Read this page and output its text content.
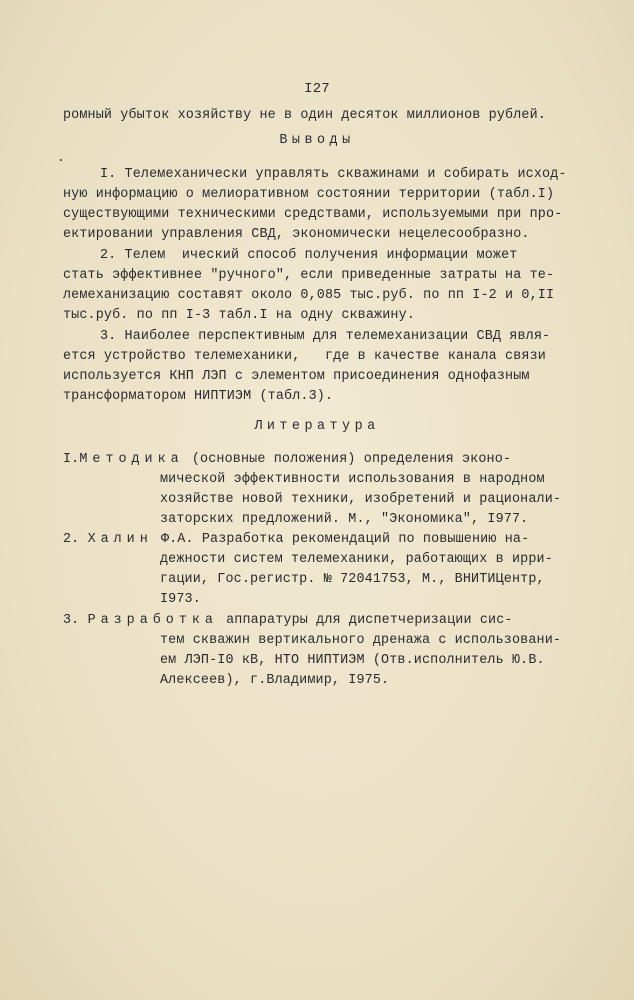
I27
ромный убыток хозяйству не в один десяток миллионов рублей.
.
Выводы
I. Телемеханически управлять скважинами и собирать исход-
ную информацию о мелиоративном состоянии территории (табл.I)
существующими техническими средствами, используемыми при про-
ектировании управления СВД, экономически нецелесообразно.
2. Телем  ический способ получения информации может
стать эффективнее "ручного", если приведенные затраты на те-
лемеханизацию составят около 0,085 тыс.руб. по пп I-2 и 0,II
тыс.руб. по пп I-3 табл.I на одну скважину.
3. Наиболее перспективным для телемеханизации СВД явля-
ется устройство телемеханики,   где в качестве канала связи
используется КНП ЛЭП с элементом присоединения однофазным
трансформатором НИПТИЭМ (табл.3).
Литература
I.Методика (основные положения) определения эконо-
мической эффективности использования в народном
хозяйстве новой техники, изобретений и рационали-
заторских предложений. М., "Экономика", I977.
2. Халин Ф.А. Разработка рекомендаций по повышению на-
дежности систем телемеханики, работающих в ирри-
гации, Гос.регистр. № 72041753, М., ВНИТИЦентр,
I973.
3. Разработка аппаратуры для диспетчеризации сис-
тем скважин вертикального дренажа с использовани-
ем ЛЭП-I0 кВ, НТО НИПТИЭМ (Отв.исполнитель Ю.В.
Алексеев), г.Владимир, I975.
